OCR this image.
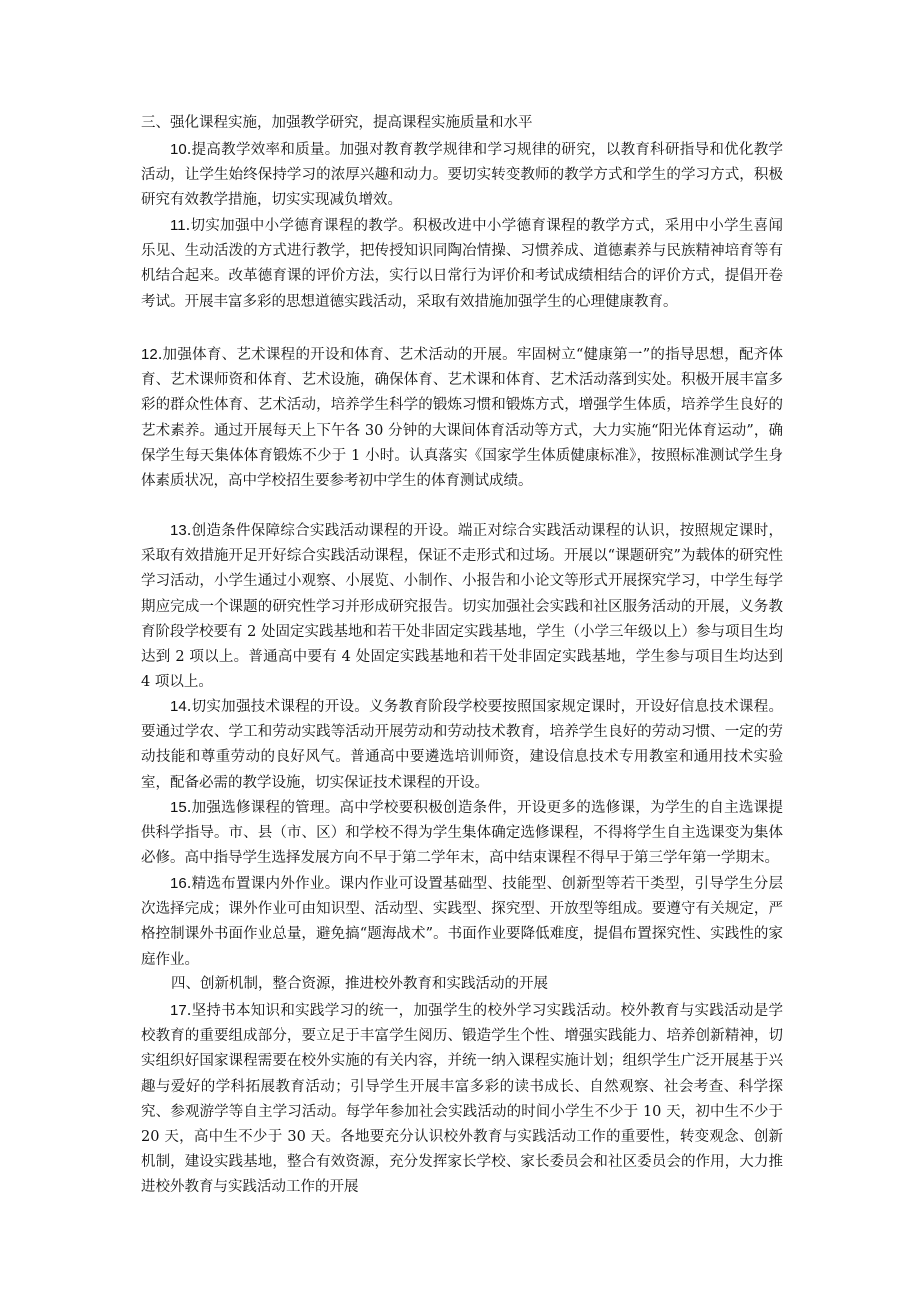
三、强化课程实施，加强教学研究，提高课程实施质量和水平

10.提高教学效率和质量。加强对教育教学规律和学习规律的研究，以教育科研指导和优化教学活动，让学生始终保持学习的浓厚兴趣和动力。要切实转变教师的教学方式和学生的学习方式，积极研究有效教学措施，切实实现减负增效。

11.切实加强中小学德育课程的教学。积极改进中小学德育课程的教学方式，采用中小学生喜闻乐见、生动活泼的方式进行教学，把传授知识同陶冶情操、习惯养成、道德素养与民族精神培育等有机结合起来。改革德育课的评价方法，实行以日常行为评价和考试成绩相结合的评价方式，提倡开卷考试。开展丰富多彩的思想道德实践活动，采取有效措施加强学生的心理健康教育。

12.加强体育、艺术课程的开设和体育、艺术活动的开展。牢固树立“健康第一”的指导思想，配齐体育、艺术课师资和体育、艺术设施，确保体育、艺术课和体育、艺术活动落到实处。积极开展丰富多彩的群众性体育、艺术活动，培养学生科学的锻炼习惯和锻炼方式，增强学生体质，培养学生良好的艺术素养。通过开展每天上下午各 30 分钟的大课间体育活动等方式，大力实施“阳光体育运动”，确保学生每天集体体育锻炼不少于 1 小时。认真落实《国家学生体质健康标准》，按照标准测试学生身体素质状况，高中学校招生要参考初中学生的体育测试成绩。

13.创造条件保障综合实践活动课程的开设。端正对综合实践活动课程的认识，按照规定课时，采取有效措施开足开好综合实践活动课程，保证不走形式和过场。开展以“课题研究”为载体的研究性学习活动，小学生通过小观察、小展览、小制作、小报告和小论文等形式开展探究学习，中学生每学期应完成一个课题的研究性学习并形成研究报告。切实加强社会实践和社区服务活动的开展，义务教育阶段学校要有 2 处固定实践基地和若干处非固定实践基地，学生（小学三年级以上）参与项目生均达到 2 项以上。普通高中要有 4 处固定实践基地和若干处非固定实践基地，学生参与项目生均达到 4 项以上。

14.切实加强技术课程的开设。义务教育阶段学校要按照国家规定课时，开设好信息技术课程。要通过学农、学工和劳动实践等活动开展劳动和劳动技术教育，培养学生良好的劳动习惯、一定的劳动技能和尊重劳动的良好风气。普通高中要遴选培训师资，建设信息技术专用教室和通用技术实验室，配备必需的教学设施，切实保证技术课程的开设。

15.加强选修课程的管理。高中学校要积极创造条件，开设更多的选修课，为学生的自主选课提供科学指导。市、县（市、区）和学校不得为学生集体确定选修课程，不得将学生自主选课变为集体必修。高中指导学生选择发展方向不早于第二学年末，高中结束课程不得早于第三学年第一学期末。

16.精选布置课内外作业。课内作业可设置基础型、技能型、创新型等若干类型，引导学生分层次选择完成；课外作业可由知识型、活动型、实践型、探究型、开放型等组成。要遵守有关规定，严格控制课外书面作业总量，避免搞“题海战术”。书面作业要降低难度，提倡布置探究性、实践性的家庭作业。

四、创新机制，整合资源，推进校外教育和实践活动的开展

17.坚持书本知识和实践学习的统一，加强学生的校外学习实践活动。校外教育与实践活动是学校教育的重要组成部分，要立足于丰富学生阅历、锻造学生个性、增强实践能力、培养创新精神，切实组织好国家课程需要在校外实施的有关内容，并统一纳入课程实施计划；组织学生广泛开展基于兴趣与爱好的学科拓展教育活动；引导学生开展丰富多彩的读书成长、自然观察、社会考查、科学探究、参观游学等自主学习活动。每学年参加社会实践活动的时间小学生不少于 10 天，初中生不少于 20 天，高中生不少于 30 天。各地要充分认识校外教育与实践活动工作的重要性，转变观念、创新机制，建设实践基地，整合有效资源，充分发挥家长学校、家长委员会和社区委员会的作用，大力推进校外教育与实践活动工作的开展
